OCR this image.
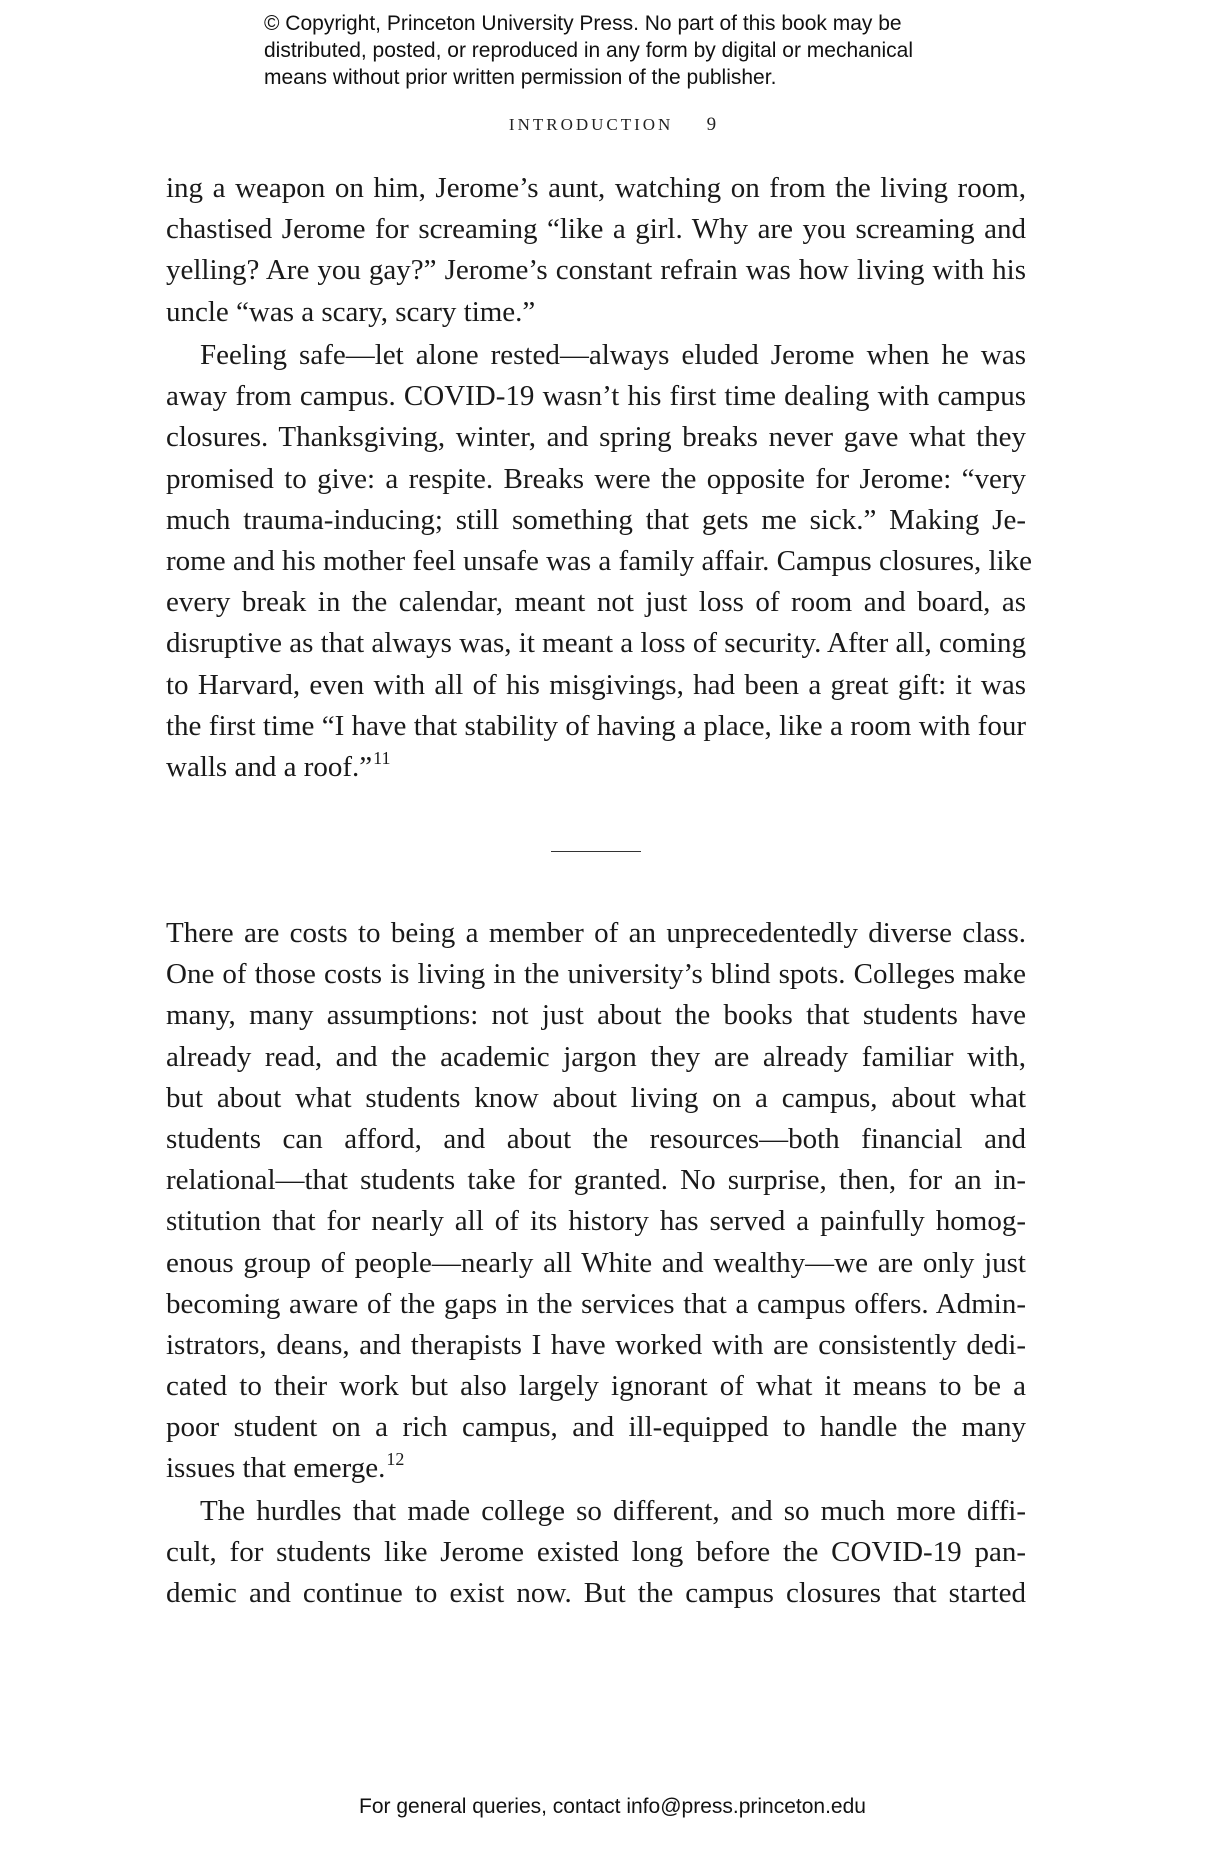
© Copyright, Princeton University Press. No part of this book may be
distributed, posted, or reproduced in any form by digital or mechanical
means without prior written permission of the publisher.
INTRODUCTION 9
ing a weapon on him, Jerome’s aunt, watching on from the living room,
chastised Jerome for screaming “like a girl. Why are you screaming and
yelling? Are you gay?” Jerome’s constant refrain was how living with his
uncle “was a scary, scary time.”
Feeling safe—let alone rested—always eluded Jerome when he was
away from campus. COVID-19 wasn’t his first time dealing with campus
closures. Thanksgiving, winter, and spring breaks never gave what they
promised to give: a respite. Breaks were the opposite for Jerome: “very
much trauma-inducing; still something that gets me sick.” Making Je-
rome and his mother feel unsafe was a family affair. Campus closures, like
every break in the calendar, meant not just loss of room and board, as
disruptive as that always was, it meant a loss of security. After all, coming
to Harvard, even with all of his misgivings, had been a great gift: it was
the first time “I have that stability of having a place, like a room with four
walls and a roof.”$^{11}$
There are costs to being a member of an unprecedentedly diverse class.
One of those costs is living in the university’s blind spots. Colleges make
many, many assumptions: not just about the books that students have
already read, and the academic jargon they are already familiar with,
but about what students know about living on a campus, about what
students can afford, and about the resources—both financial and
relational—that students take for granted. No surprise, then, for an in-
stitution that for nearly all of its history has served a painfully homog-
enous group of people—nearly all White and wealthy—we are only just
becoming aware of the gaps in the services that a campus offers. Admin-
istrators, deans, and therapists I have worked with are consistently dedi-
cated to their work but also largely ignorant of what it means to be a
poor student on a rich campus, and ill-equipped to handle the many
issues that emerge.$^{12}$
The hurdles that made college so different, and so much more diffi-
cult, for students like Jerome existed long before the COVID-19 pan-
demic and continue to exist now. But the campus closures that started
For general queries, contact info@press.princeton.edu
